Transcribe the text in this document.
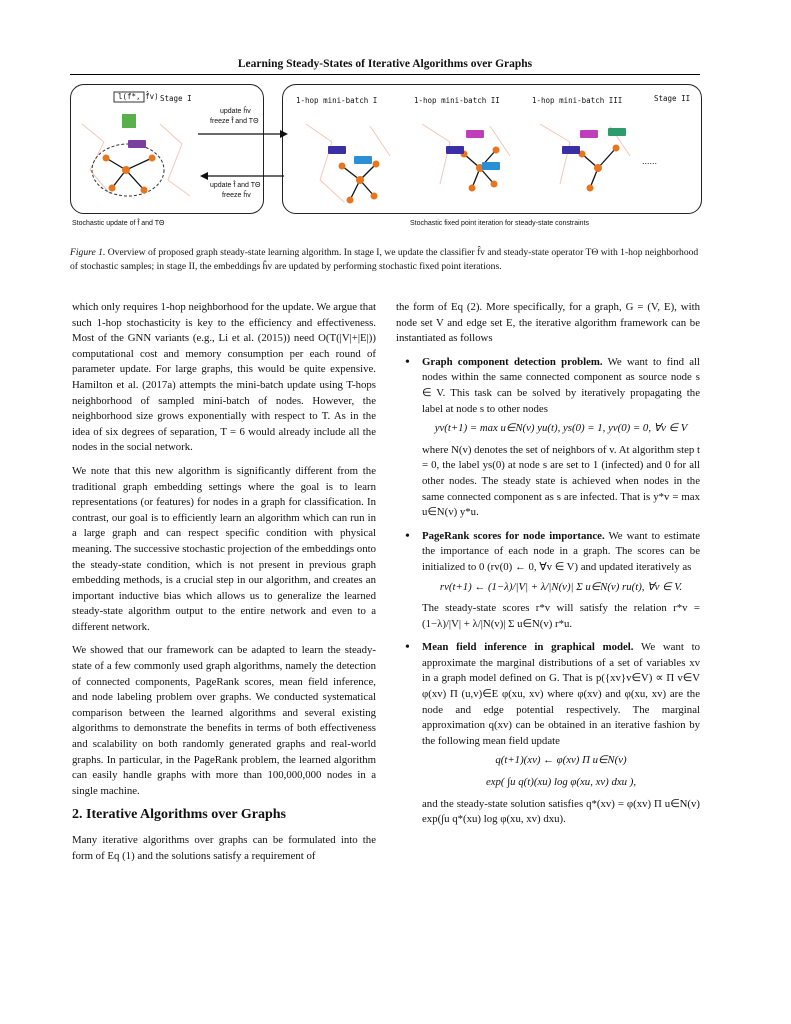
Learning Steady-States of Iterative Algorithms over Graphs
l(f*, f̂v) Stage I
update ĥv
freeze f̂ and TΘ
update f̂ and TΘ
freeze ĥv
1-hop mini-batch I	1-hop mini-batch II	1-hop mini-batch III	Stage II
......
Stochastic update of f̂ and TΘ	Stochastic fixed point iteration for steady-state constraints
Figure 1. Overview of proposed graph steady-state learning algorithm. In stage I, we update the classifier f̂v and steady-state operator TΘ with 1-hop neighborhood of stochastic samples; in stage II, the embeddings ĥv are updated by performing stochastic fixed point iterations.

which only requires 1-hop neighborhood for the update. We argue that such 1-hop stochasticity is key to the efficiency and effectiveness. Most of the GNN variants (e.g., Li et al. (2015)) need O(T(|V|+|E|)) computational cost and memory consumption per each round of parameter update. For large graphs, this would be quite expensive. Hamilton et al. (2017a) attempts the mini-batch update using T-hops neighborhood of sampled mini-batch of nodes. However, the neighborhood size grows exponentially with respect to T. As in the idea of six degrees of separation, T = 6 would already include all the nodes in the social network.

We note that this new algorithm is significantly different from the traditional graph embedding settings where the goal is to learn representations (or features) for nodes in a graph for classification. In contrast, our goal is to efficiently learn an algorithm which can run in a large graph and can respect specific condition with physical meaning. The successive stochastic projection of the embeddings onto the steady-state condition, which is not present in previous graph embedding methods, is a crucial step in our algorithm, and creates an important inductive bias which allows us to generalize the learned steady-state algorithm output to the entire network and even to a different network.

We showed that our framework can be adapted to learn the steady-state of a few commonly used graph algorithms, namely the detection of connected components, PageRank scores, mean field inference, and node labeling problem over graphs. We conducted systematical comparison between the learned algorithms and several existing algorithms to demonstrate the benefits in terms of both effectiveness and scalability on both randomly generated graphs and real-world graphs. In particular, in the PageRank problem, the learned algorithm can easily handle graphs with more than 100,000,000 nodes in a single machine.

2. Iterative Algorithms over Graphs

Many iterative algorithms over graphs can be formulated into the form of Eq (1) and the solutions satisfy a requirement of

the form of Eq (2). More specifically, for a graph, G = (V, E), with node set V and edge set E, the iterative algorithm framework can be instantiated as follows

• Graph component detection problem. We want to find all nodes within the same connected component as source node s ∈ V. This task can be solved by iteratively propagating the label at node s to other nodes
yv(t+1) = max u∈N(v) yu(t), ys(0) = 1, yv(0) = 0, ∀v ∈ V
where N(v) denotes the set of neighbors of v. At algorithm step t = 0, the label ys(0) at node s are set to 1 (infected) and 0 for all other nodes. The steady state is achieved when nodes in the same connected component as s are infected. That is y*v = max u∈N(v) y*u.
• PageRank scores for node importance. We want to estimate the importance of each node in a graph. The scores can be initialized to 0 (rv(0) ← 0, ∀v ∈ V) and updated iteratively as
rv(t+1) ← (1−λ)/|V| + λ/|N(v)| Σ u∈N(v) ru(t), ∀v ∈ V.
The steady-state scores r*v will satisfy the relation r*v = (1−λ)/|V| + λ/|N(v)| Σ u∈N(v) r*u.
• Mean field inference in graphical model. We want to approximate the marginal distributions of a set of variables xv in a graph model defined on G. That is p({xv}v∈V) ∝ Π v∈V φ(xv) Π (u,v)∈E φ(xu, xv) where φ(xv) and φ(xu, xv) are the node and edge potential respectively. The marginal approximation q(xv) can be obtained in an iterative fashion by the following mean field update
q(t+1)(xv) ← φ(xv) Π u∈N(v)
exp( ∫u q(t)(xu) log φ(xu, xv) dxu ),
and the steady-state solution satisfies q*(xv) = φ(xv) Π u∈N(v) exp(∫u q*(xu) log φ(xu, xv) dxu).
